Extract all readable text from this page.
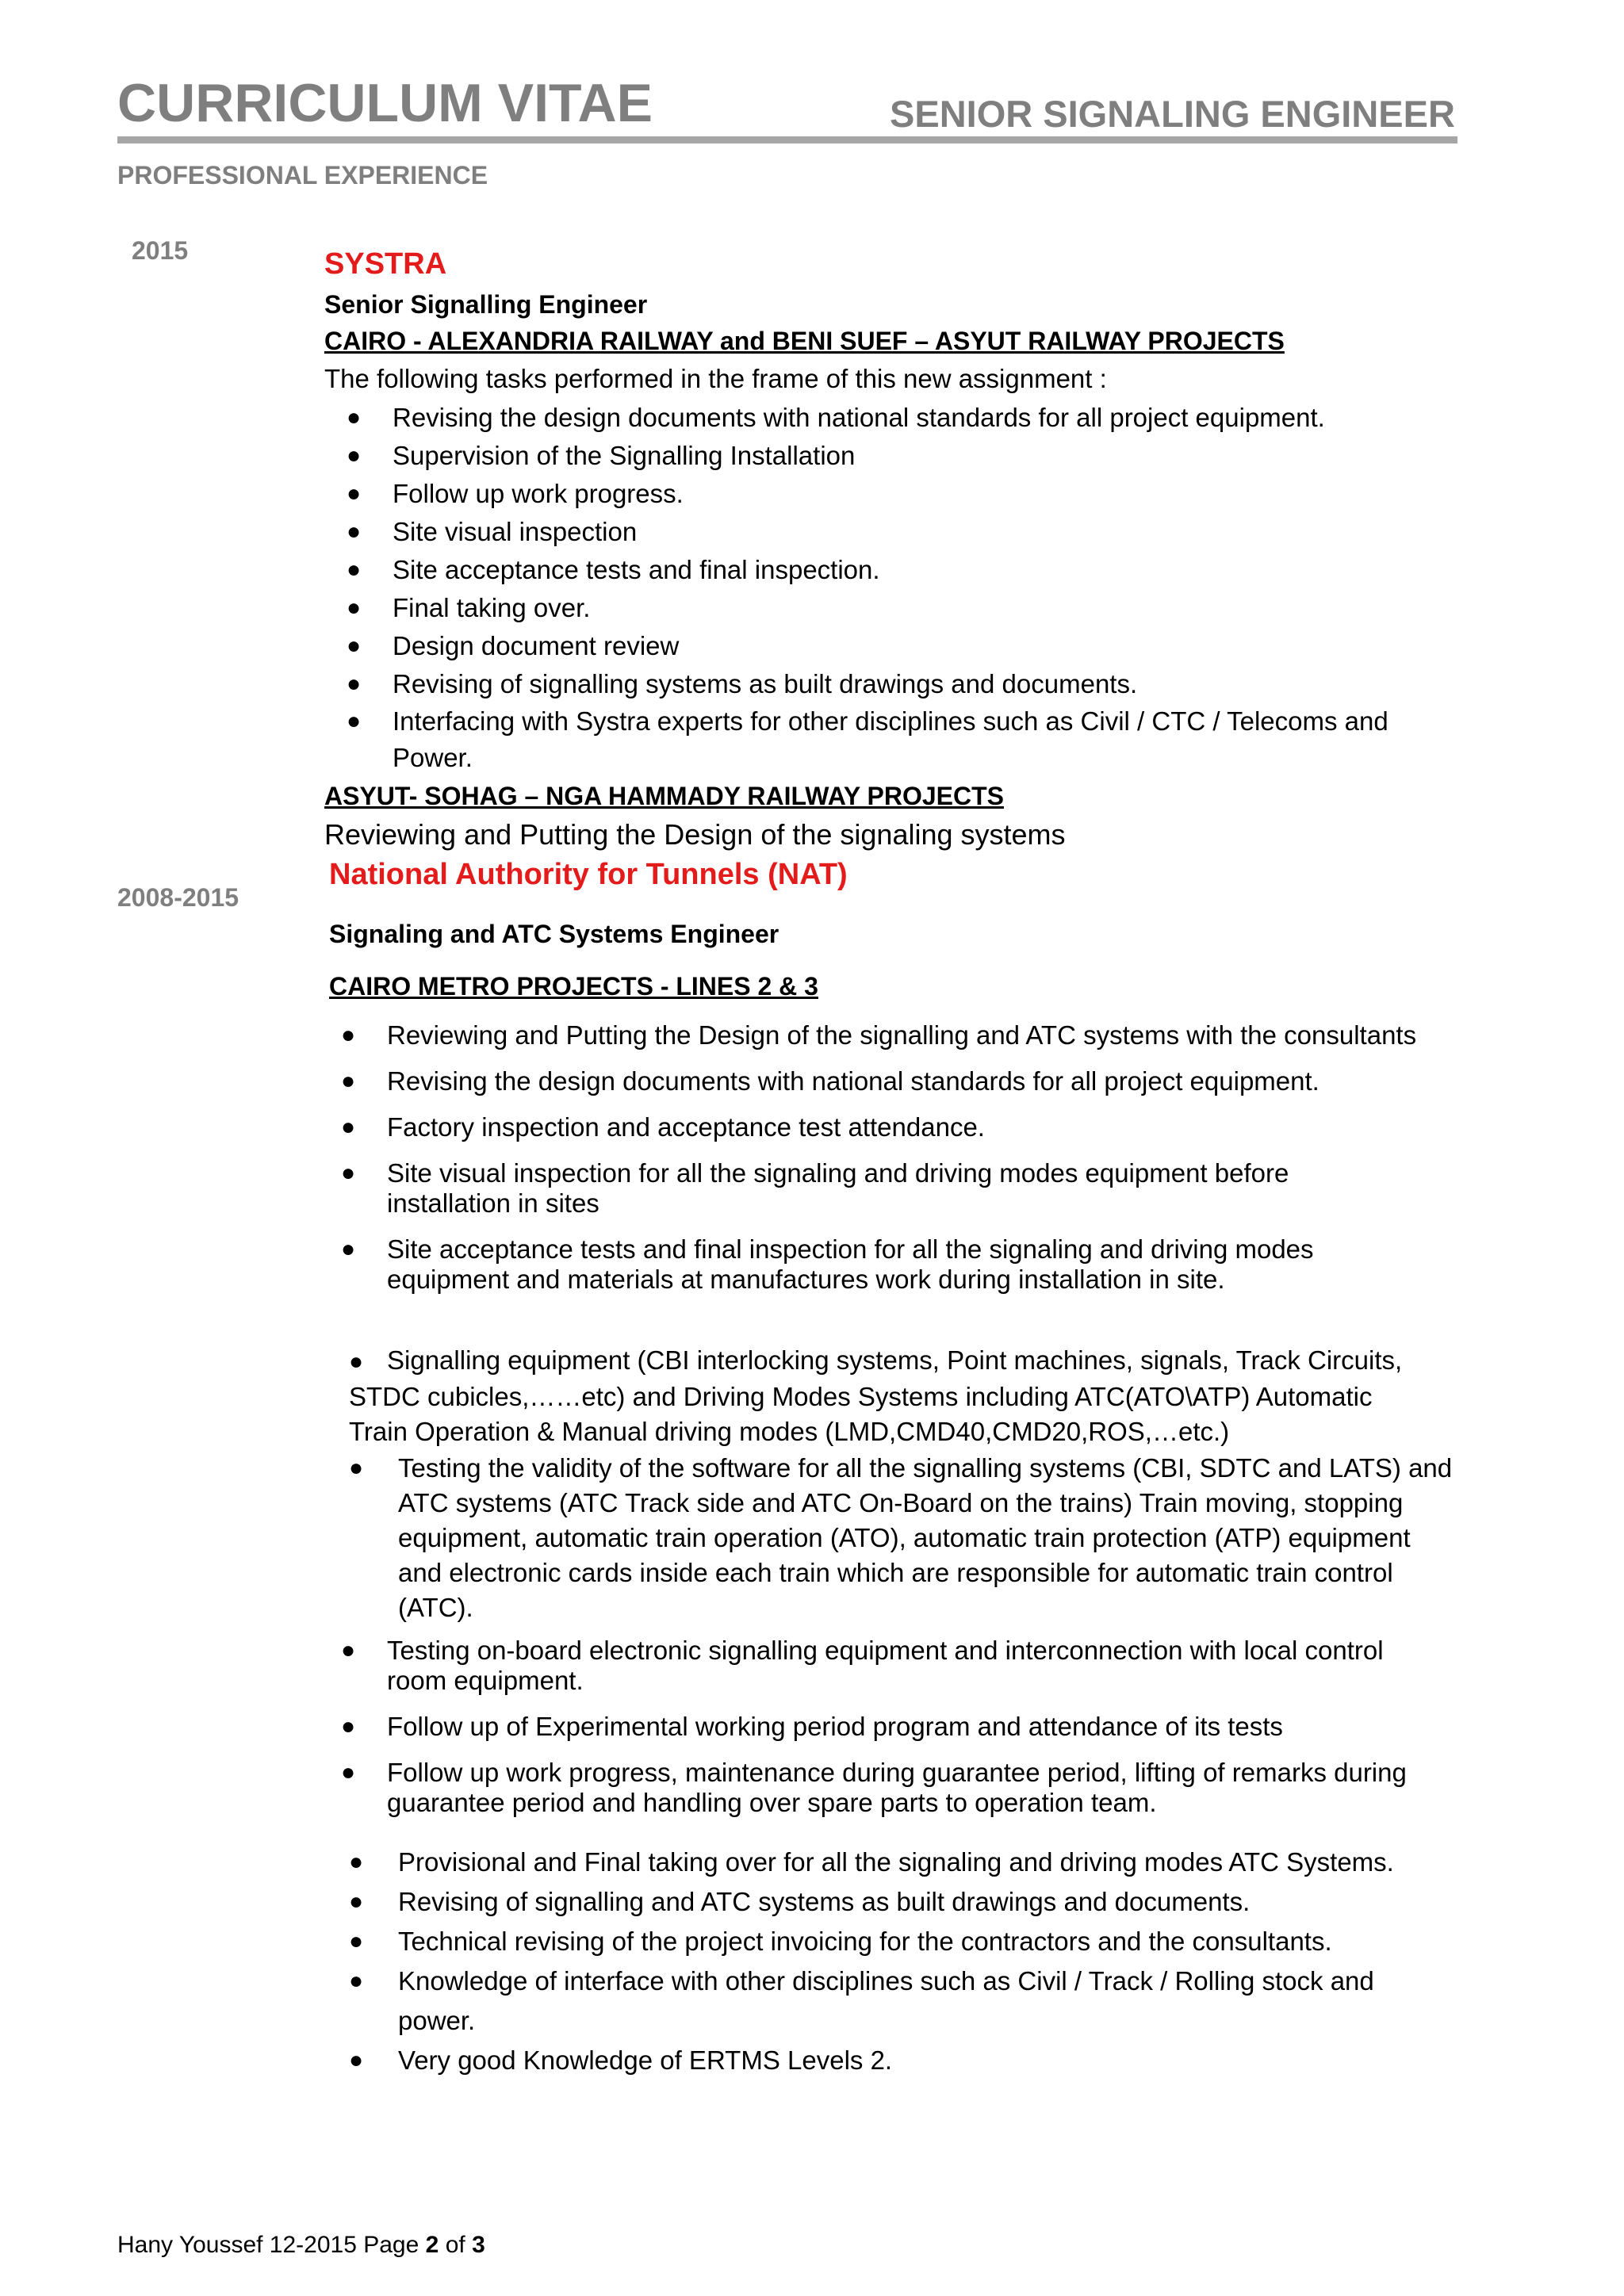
CURRICULUM VITAE	SENIOR SIGNALING ENGINEER
PROFESSIONAL EXPERIENCE
2015	SYSTRA
Senior Signalling Engineer
CAIRO - ALEXANDRIA RAILWAY and BENI SUEF – ASYUT RAILWAY PROJECTS
The following tasks performed in the frame of this new assignment :
● Revising the design documents with national standards for all project equipment.
● Supervision of the Signalling Installation
● Follow up work progress.
● Site visual inspection
● Site acceptance tests and final inspection.
● Final taking over.
● Design document review
● Revising of signalling systems as built drawings and documents.
● Interfacing with Systra experts for other disciplines such as Civil / CTC / Telecoms and Power.
ASYUT- SOHAG – NGA HAMMADY RAILWAY PROJECTS
Reviewing and Putting the Design of the signaling systems
National Authority for Tunnels (NAT)
2008-2015
Signaling and ATC Systems Engineer
CAIRO METRO PROJECTS - LINES 2 & 3
● Reviewing and Putting the Design of the signalling and ATC systems with the consultants
● Revising the design documents with national standards for all project equipment.
● Factory inspection and acceptance test attendance.
● Site visual inspection for all the signaling and driving modes equipment before installation in sites
● Site acceptance tests and final inspection for all the signaling and driving modes equipment and materials at manufactures work during installation in site.
● Signalling equipment (CBI interlocking systems, Point machines, signals, Track Circuits,
STDC cubicles,……etc) and Driving Modes Systems including ATC(ATO\ATP) Automatic
Train Operation & Manual driving modes (LMD,CMD40,CMD20,ROS,…etc.)
● Testing the validity of the software for all the signalling systems (CBI, SDTC and LATS) and ATC systems (ATC Track side and ATC On-Board on the trains) Train moving, stopping equipment, automatic train operation (ATO), automatic train protection (ATP) equipment and electronic cards inside each train which are responsible for automatic train control (ATC).
● Testing on-board electronic signalling equipment and interconnection with local control room equipment.
● Follow up of Experimental working period program and attendance of its tests
● Follow up work progress, maintenance during guarantee period, lifting of remarks during guarantee period and handling over spare parts to operation team.
● Provisional and Final taking over for all the signaling and driving modes ATC Systems.
● Revising of signalling and ATC systems as built drawings and documents.
● Technical revising of the project invoicing for the contractors and the consultants.
● Knowledge of interface with other disciplines such as Civil / Track / Rolling stock and power.
● Very good Knowledge of ERTMS Levels 2.
Hany Youssef 12-2015 Page 2 of 3
